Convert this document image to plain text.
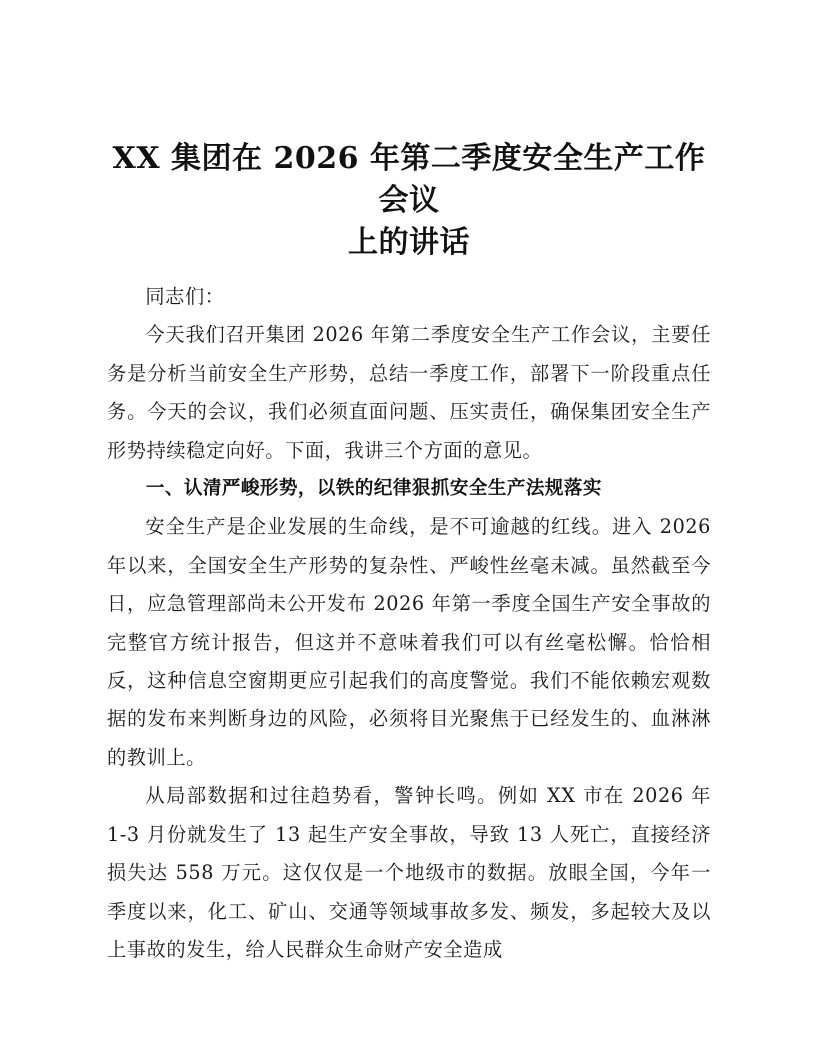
XX 集团在 2026 年第二季度安全生产工作会议
上的讲话

同志们：

今天我们召开集团 2026 年第二季度安全生产工作会议，主要任务是分析当前安全生产形势，总结一季度工作，部署下一阶段重点任务。今天的会议，我们必须直面问题、压实责任，确保集团安全生产形势持续稳定向好。下面，我讲三个方面的意见。

一、认清严峻形势，以铁的纪律狠抓安全生产法规落实

安全生产是企业发展的生命线，是不可逾越的红线。进入 2026 年以来，全国安全生产形势的复杂性、严峻性丝毫未减。虽然截至今日，应急管理部尚未公开发布 2026 年第一季度全国生产安全事故的完整官方统计报告，但这并不意味着我们可以有丝毫松懈。恰恰相反，这种信息空窗期更应引起我们的高度警觉。我们不能依赖宏观数据的发布来判断身边的风险，必须将目光聚焦于已经发生的、血淋淋的教训上。

从局部数据和过往趋势看，警钟长鸣。例如 XX 市在 2026 年 1-3 月份就发生了 13 起生产安全事故，导致 13 人死亡，直接经济损失达 558 万元。这仅仅是一个地级市的数据。放眼全国，今年一季度以来，化工、矿山、交通等领域事故多发、频发，多起较大及以上事故的发生，给人民群众生命财产安全造成
